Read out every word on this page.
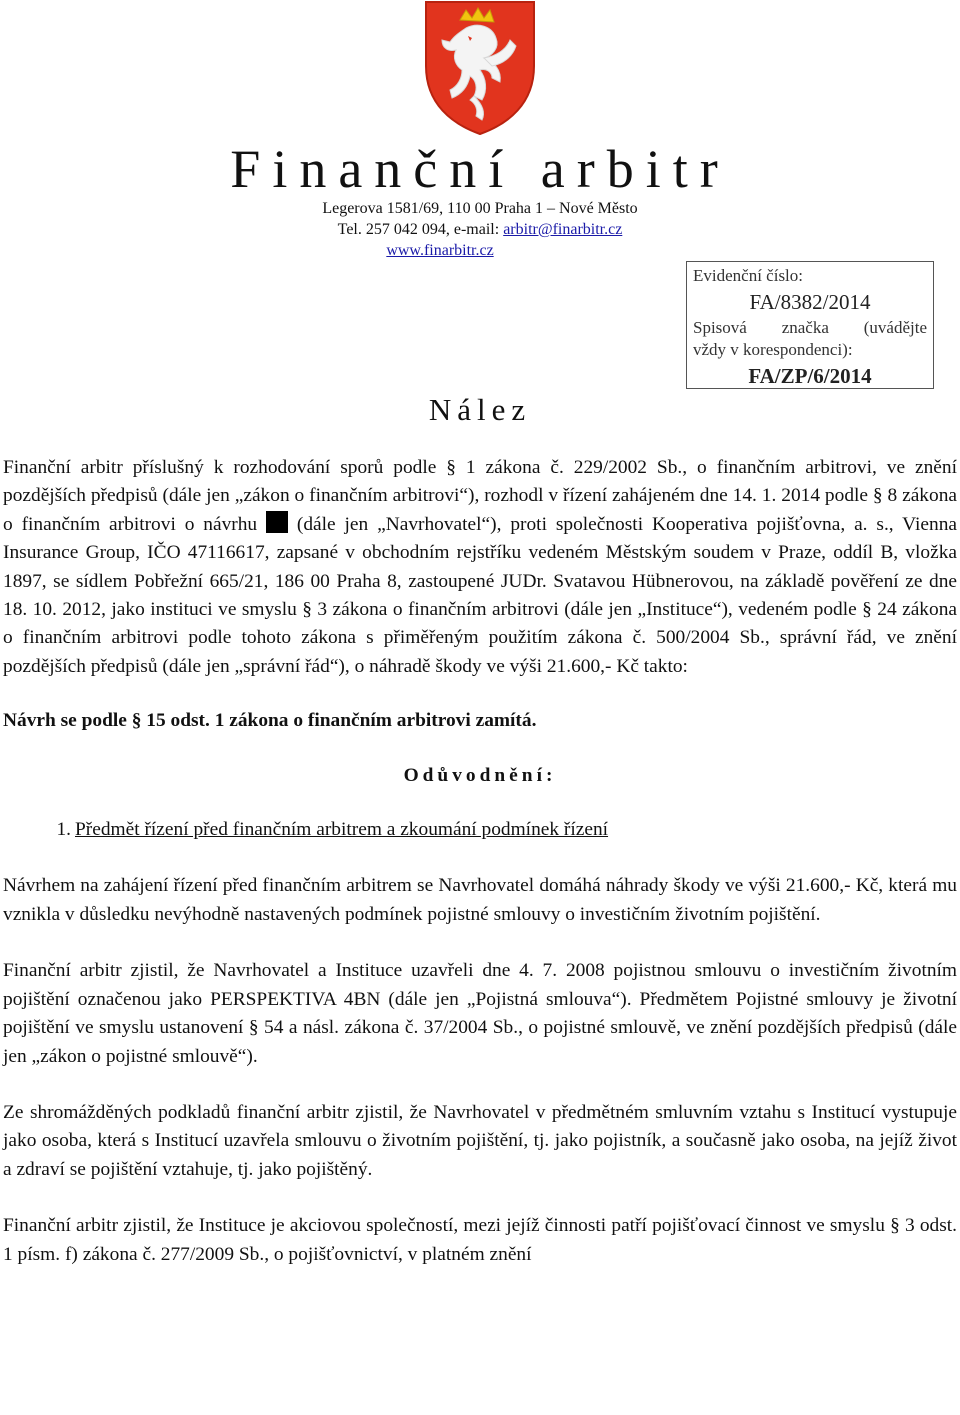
Finanční arbitr
Legerova 1581/69, 110 00 Praha 1 – Nové Město
Tel. 257 042 094, e-mail: arbitr@finarbitr.cz
www.finarbitr.cz
Evidenční číslo:
FA/8382/2014
Spisová značka (uvádějte
vždy v korespondenci):
FA/ZP/6/2014
Nález

Finanční arbitr příslušný k rozhodování sporů podle § 1 zákona č. 229/2002 Sb., o finančním arbitrovi, ve znění pozdějších předpisů (dále jen „zákon o finančním arbitrovi“), rozhodl v řízení zahájeném dne 14. 1. 2014 podle § 8 zákona o finančním arbitrovi o návrhu (dále jen „Navrhovatel“), proti společnosti Kooperativa pojišťovna, a. s., Vienna Insurance Group, IČO 47116617, zapsané v obchodním rejstříku vedeném Městským soudem v Praze, oddíl B, vložka 1897, se sídlem Pobřežní 665/21, 186 00 Praha 8, zastoupené JUDr. Svatavou Hübnerovou, na základě pověření ze dne 18. 10. 2012, jako instituci ve smyslu § 3 zákona o finančním arbitrovi (dále jen „Instituce“), vedeném podle § 24 zákona o finančním arbitrovi podle tohoto zákona s přiměřeným použitím zákona č. 500/2004 Sb., správní řád, ve znění pozdějších předpisů (dále jen „správní řád“), o náhradě škody ve výši 21.600,- Kč takto:

Návrh se podle § 15 odst. 1 zákona o finančním arbitrovi zamítá.

Odůvodnění:

1. Předmět řízení před finančním arbitrem a zkoumání podmínek řízení

Návrhem na zahájení řízení před finančním arbitrem se Navrhovatel domáhá náhrady škody ve výši 21.600,- Kč, která mu vznikla v důsledku nevýhodně nastavených podmínek pojistné smlouvy o investičním životním pojištění.

Finanční arbitr zjistil, že Navrhovatel a Instituce uzavřeli dne 4. 7. 2008 pojistnou smlouvu o investičním životním pojištění označenou jako PERSPEKTIVA 4BN (dále jen „Pojistná smlouva“). Předmětem Pojistné smlouvy je životní pojištění ve smyslu ustanovení § 54 a násl. zákona č. 37/2004 Sb., o pojistné smlouvě, ve znění pozdějších předpisů (dále jen „zákon o pojistné smlouvě“).

Ze shromážděných podkladů finanční arbitr zjistil, že Navrhovatel v předmětném smluvním vztahu s Institucí vystupuje jako osoba, která s Institucí uzavřela smlouvu o životním pojištění, tj. jako pojistník, a současně jako osoba, na jejíž život a zdraví se pojištění vztahuje, tj. jako pojištěný.

Finanční arbitr zjistil, že Instituce je akciovou společností, mezi jejíž činnosti patří pojišťovací činnost ve smyslu § 3 odst. 1 písm. f) zákona č. 277/2009 Sb., o pojišťovnictví, v platném znění
